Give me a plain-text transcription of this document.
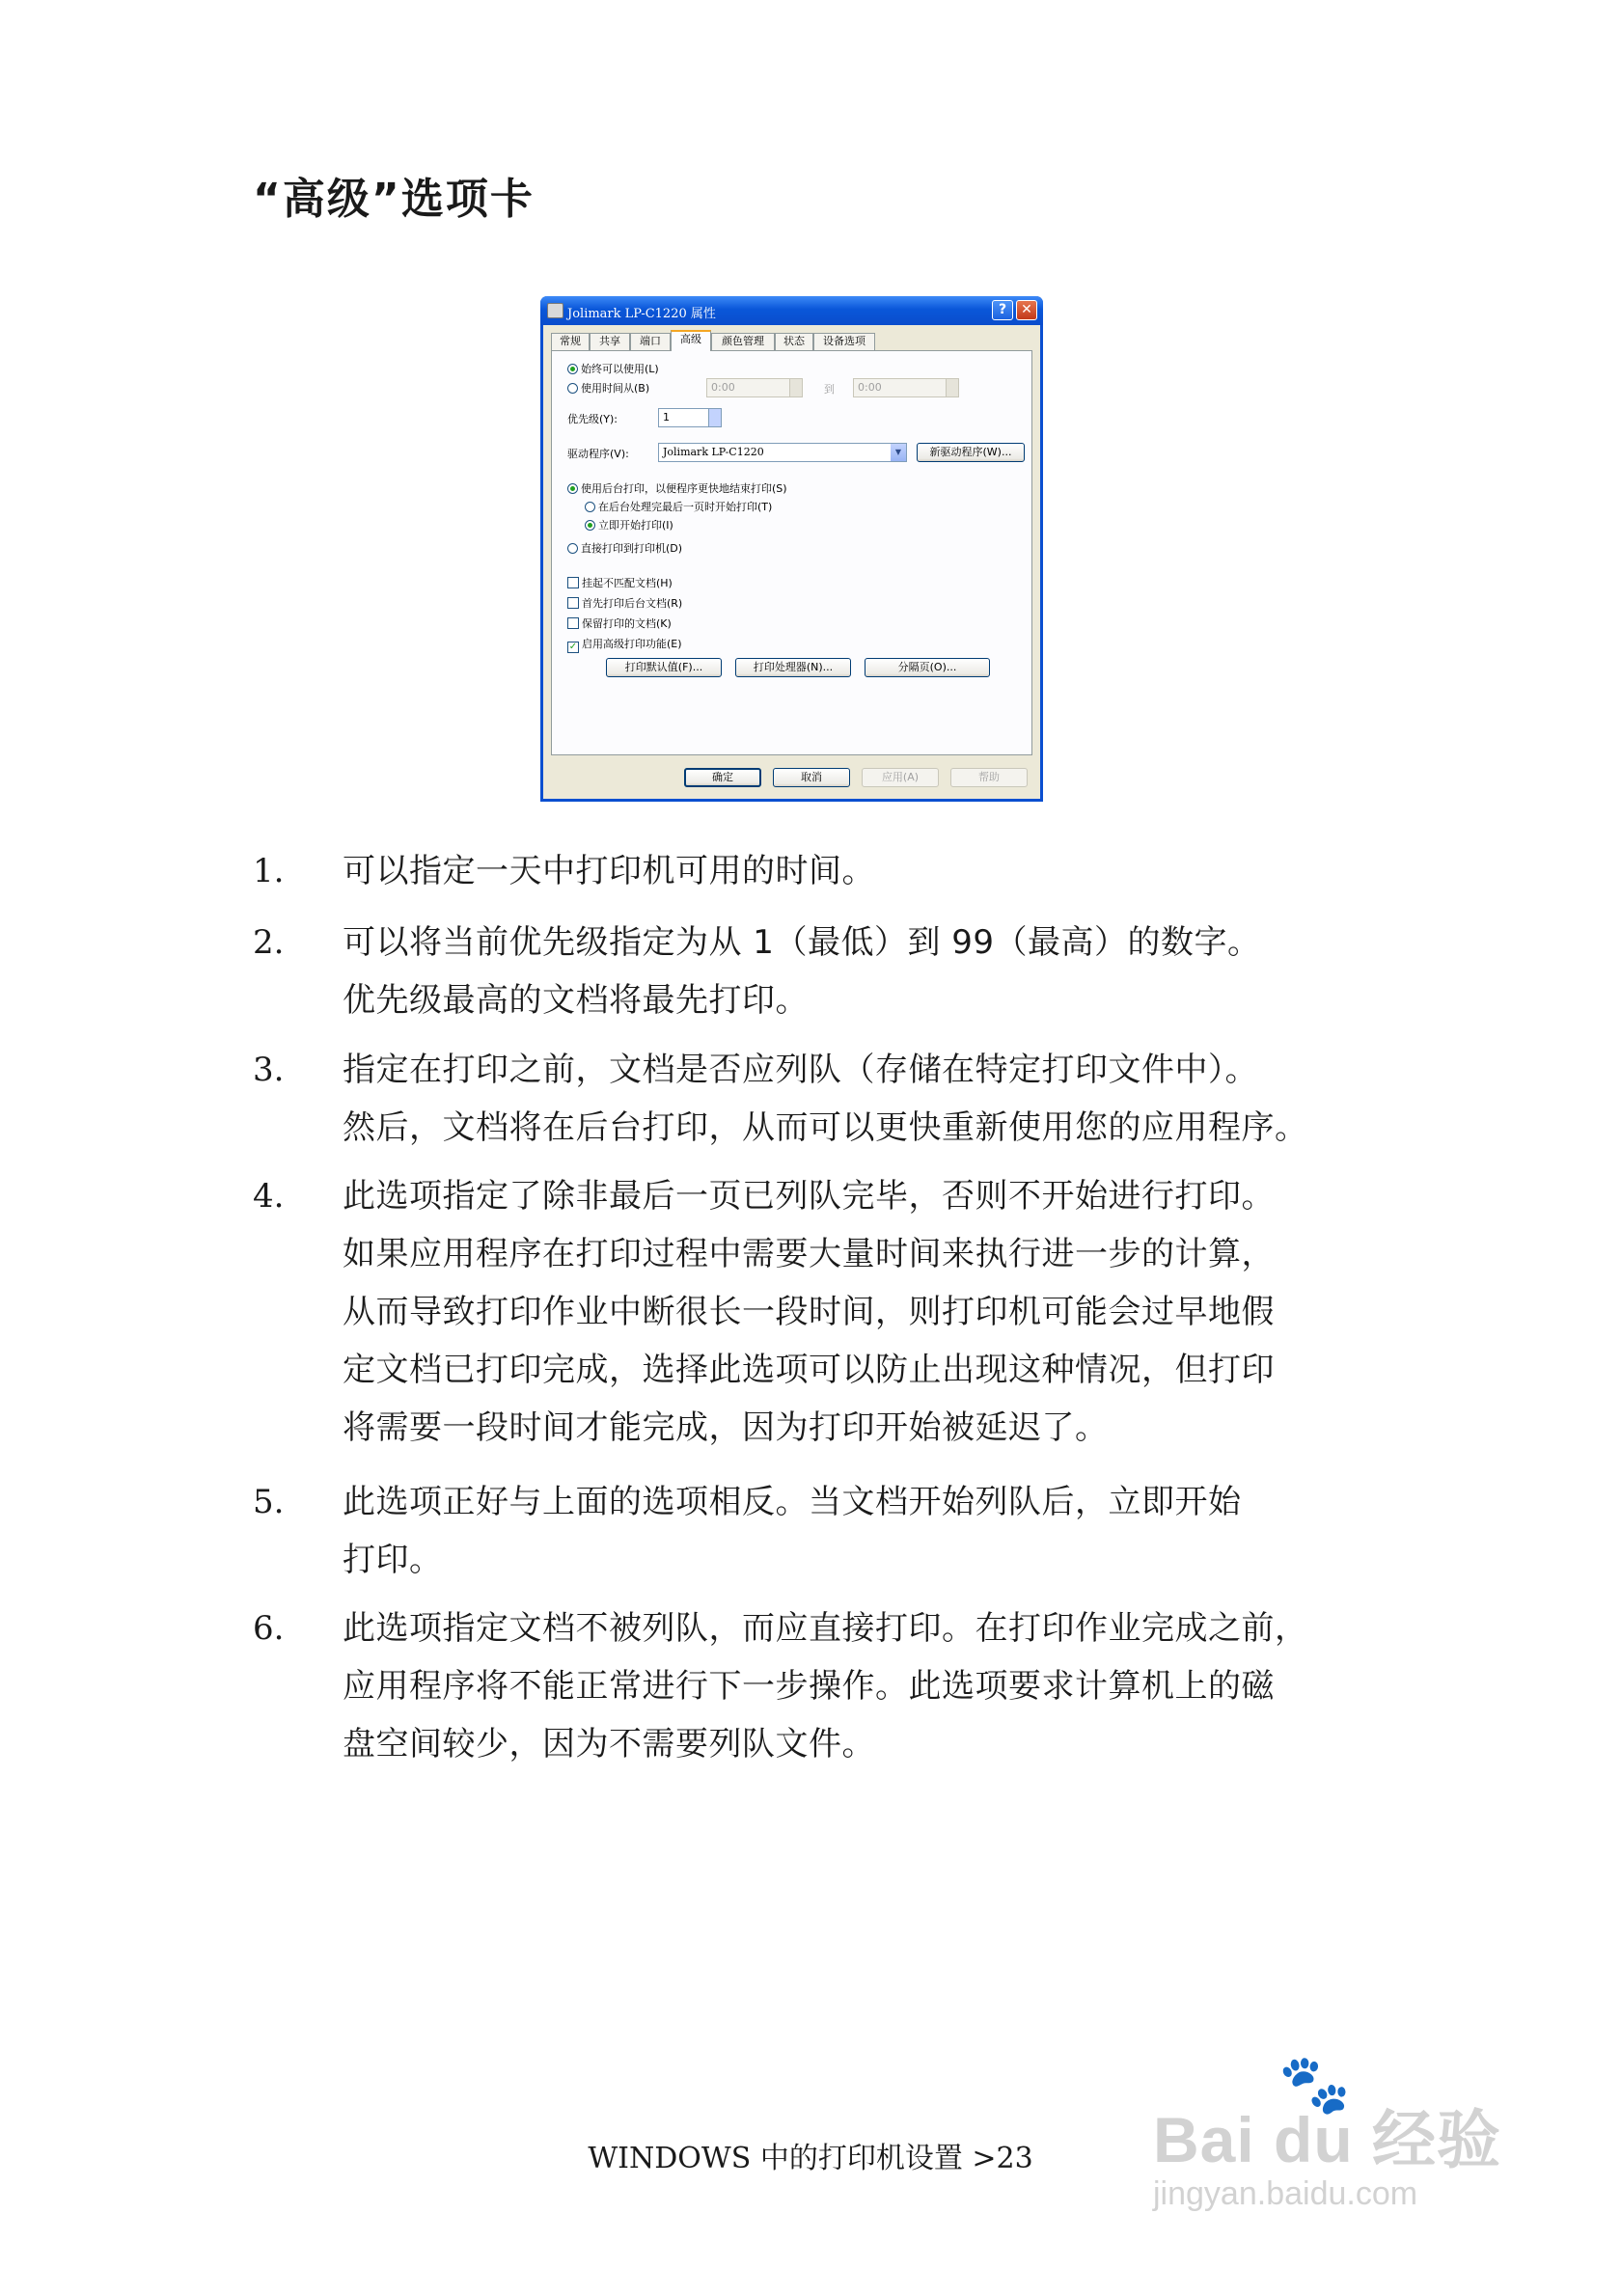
“高级”选项卡
Jolimark LP-C1220 属性	?	✕
常规	共享	端口	高级	颜色管理	状态	设备选项
始终可以使用(L)
使用时间从(B)	0:00	到	0:00
优先级(Y):	1
驱动程序(V):	Jolimark LP-C1220	▼	新驱动程序(W)...
使用后台打印，以便程序更快地结束打印(S)
在后台处理完最后一页时开始打印(T)
立即开始打印(I)
直接打印到打印机(D)
挂起不匹配文档(H)
首先打印后台文档(R)
保留打印的文档(K)
✓ 启用高级打印功能(E)
打印默认值(F)...	打印处理器(N)...	分隔页(O)...
确定	取消	应用(A)	帮助
1. 可以指定一天中打印机可用的时间。
2. 可以将当前优先级指定为从 1（最低）到 99（最高）的数字。
优先级最高的文档将最先打印。
3. 指定在打印之前，文档是否应列队（存储在特定打印文件中）。
然后，文档将在后台打印，从而可以更快重新使用您的应用程序。
4. 此选项指定了除非最后一页已列队完毕，否则不开始进行打印。
如果应用程序在打印过程中需要大量时间来执行进一步的计算，
从而导致打印作业中断很长一段时间，则打印机可能会过早地假
定文档已打印完成，选择此选项可以防止出现这种情况，但打印
将需要一段时间才能完成，因为打印开始被延迟了。
5. 此选项正好与上面的选项相反。当文档开始列队后，立即开始
打印。
6. 此选项指定文档不被列队，而应直接打印。在打印作业完成之前，
应用程序将不能正常进行下一步操作。此选项要求计算机上的磁
盘空间较少，因为不需要列队文件。
WINDOWS 中的打印机设置 >23
🐾
Bai du 经验
jingyan.baidu.com
